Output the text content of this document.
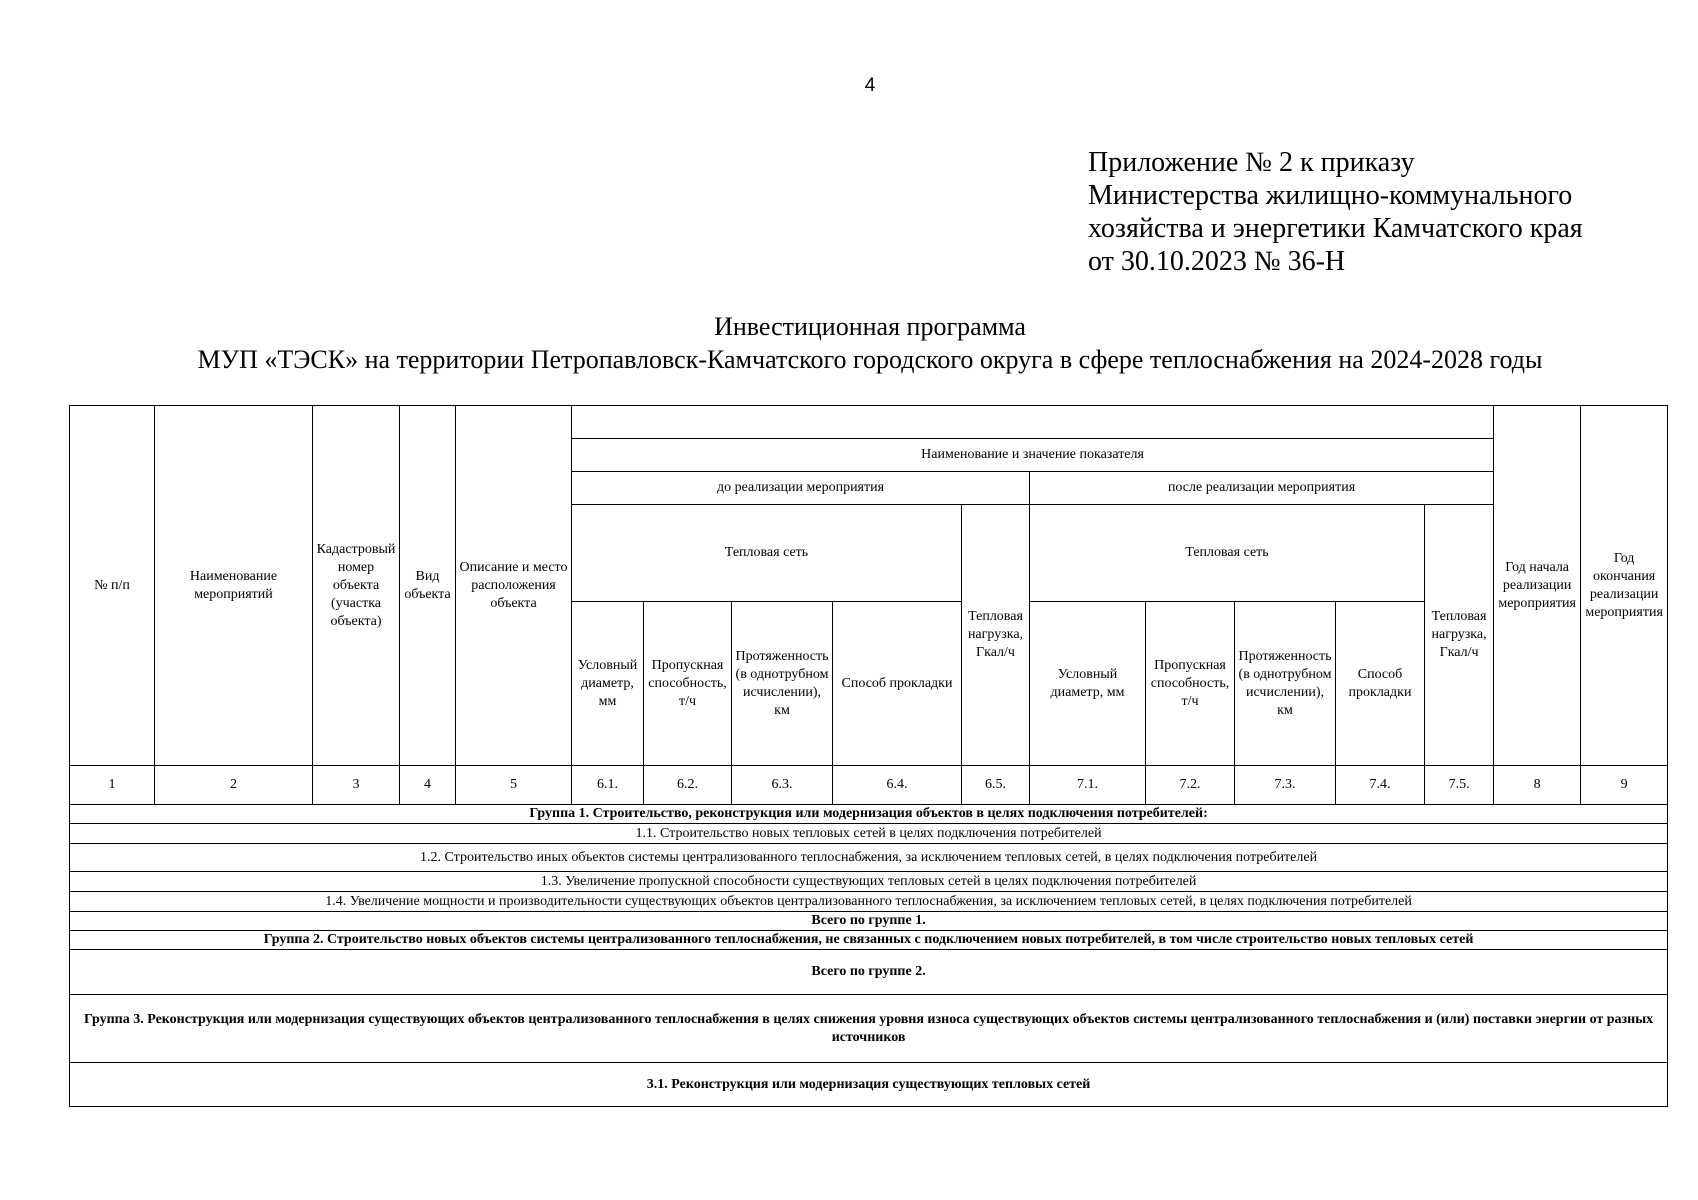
4
Приложение № 2 к приказу
Министерства жилищно-коммунального
хозяйства и энергетики Камчатского края
от 30.10.2023 № 36-Н
Инвестиционная программа
МУП «ТЭСК» на территории Петропавловск-Камчатского городского округа в сфере теплоснабжения на 2024-2028 годы
№ п/п	Наименование мероприятий	Кадастровый номер объекта (участка объекта)	Вид объекта	Описание и место расположения объекта											Год начала реализации мероприятия	Год окончания реализации мероприятия
					Наименование и значение показателя											
					до реализации мероприятия					после реализации мероприятия						
					Тепловая сеть				Тепловая нагрузка, Гкал/ч	Тепловая сеть				Тепловая нагрузка, Гкал/ч		
					Условный диаметр, мм	Пропускная способность, т/ч	Протяженность (в однотрубном исчислении), км	Способ прокладки		Условный диаметр, мм	Пропускная способность, т/ч	Протяженность (в однотрубном исчислении), км	Способ прокладки			
1	2	3	4	5	6.1.	6.2.	6.3.	6.4.	6.5.	7.1.	7.2.	7.3.	7.4.	7.5.	8	9
Группа 1. Строительство, реконструкция или модернизация объектов в целях подключения потребителей:																
1.1. Строительство новых тепловых сетей в целях подключения потребителей																
1.2. Строительство иных объектов системы централизованного теплоснабжения, за исключением тепловых сетей, в целях подключения потребителей																
1.3. Увеличение пропускной способности существующих тепловых сетей в целях подключения потребителей																
1.4. Увеличение мощности и производительности существующих объектов централизованного теплоснабжения, за исключением тепловых сетей, в целях подключения потребителей																
Всего по группе 1.																
Группа 2. Строительство новых объектов системы централизованного теплоснабжения, не связанных с подключением новых потребителей, в том числе строительство новых тепловых сетей																
Всего по группе 2.																
Группа 3. Реконструкция или модернизация существующих объектов централизованного теплоснабжения в целях снижения уровня износа существующих объектов системы централизованного теплоснабжения и (или) поставки энергии от разных источников																
3.1. Реконструкция или модернизация существующих тепловых сетей																
